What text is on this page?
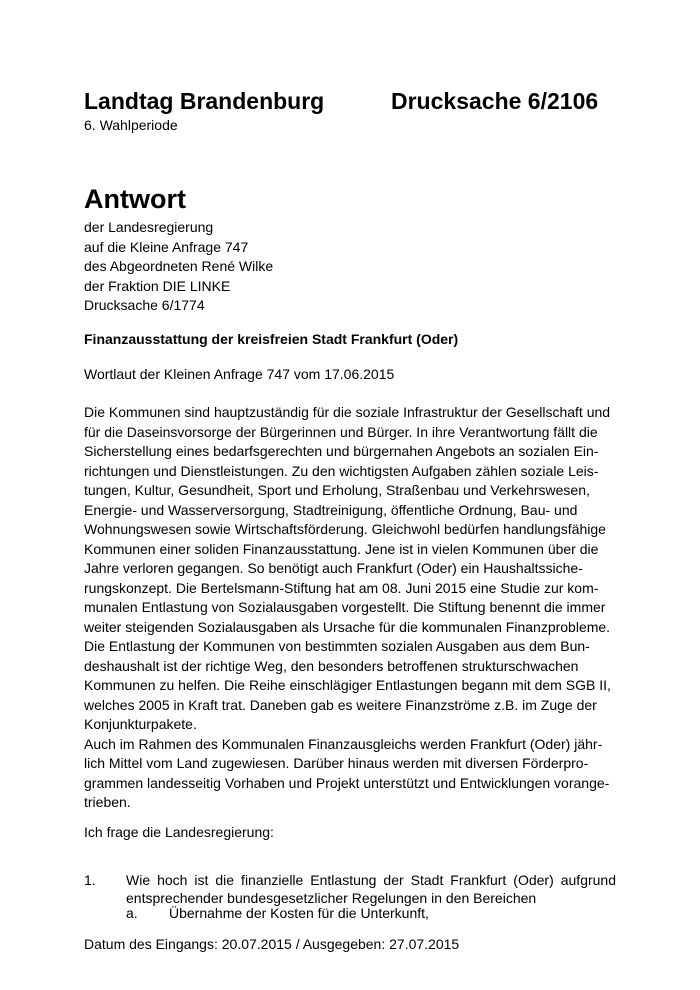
Landtag Brandenburg	Drucksache 6/2106
6. Wahlperiode
Antwort
der Landesregierung
auf die Kleine Anfrage 747
des Abgeordneten René Wilke
der Fraktion DIE LINKE
Drucksache 6/1774
Finanzausstattung der kreisfreien Stadt Frankfurt (Oder)
Wortlaut der Kleinen Anfrage 747 vom 17.06.2015
Die Kommunen sind hauptzuständig für die soziale Infrastruktur der Gesellschaft und
für die Daseinsvorsorge der Bürgerinnen und Bürger. In ihre Verantwortung fällt die
Sicherstellung eines bedarfsgerechten und bürgernahen Angebots an sozialen Ein-
richtungen und Dienstleistungen. Zu den wichtigsten Aufgaben zählen soziale Leis-
tungen, Kultur, Gesundheit, Sport und Erholung, Straßenbau und Verkehrswesen,
Energie- und Wasserversorgung, Stadtreinigung, öffentliche Ordnung, Bau- und
Wohnungswesen sowie Wirtschaftsförderung. Gleichwohl bedürfen handlungsfähige
Kommunen einer soliden Finanzausstattung. Jene ist in vielen Kommunen über die
Jahre verloren gegangen. So benötigt auch Frankfurt (Oder) ein Haushaltssiche-
rungskonzept. Die Bertelsmann-Stiftung hat am 08. Juni 2015 eine Studie zur kom-
munalen Entlastung von Sozialausgaben vorgestellt. Die Stiftung benennt die immer
weiter steigenden Sozialausgaben als Ursache für die kommunalen Finanzprobleme.
Die Entlastung der Kommunen von bestimmten sozialen Ausgaben aus dem Bun-
deshaushalt ist der richtige Weg, den besonders betroffenen strukturschwachen
Kommunen zu helfen. Die Reihe einschlägiger Entlastungen begann mit dem SGB II,
welches 2005 in Kraft trat. Daneben gab es weitere Finanzströme z.B. im Zuge der
Konjunkturpakete.
Auch im Rahmen des Kommunalen Finanzausgleichs werden Frankfurt (Oder) jähr-
lich Mittel vom Land zugewiesen. Darüber hinaus werden mit diversen Förderpro-
grammen landesseitig Vorhaben und Projekt unterstützt und Entwicklungen vorange-
trieben.
Ich frage die Landesregierung:
1. Wie hoch ist die finanzielle Entlastung der Stadt Frankfurt (Oder) aufgrund
entsprechender bundesgesetzlicher Regelungen in den Bereichen
a. Übernahme der Kosten für die Unterkunft,
Datum des Eingangs: 20.07.2015 / Ausgegeben: 27.07.2015
